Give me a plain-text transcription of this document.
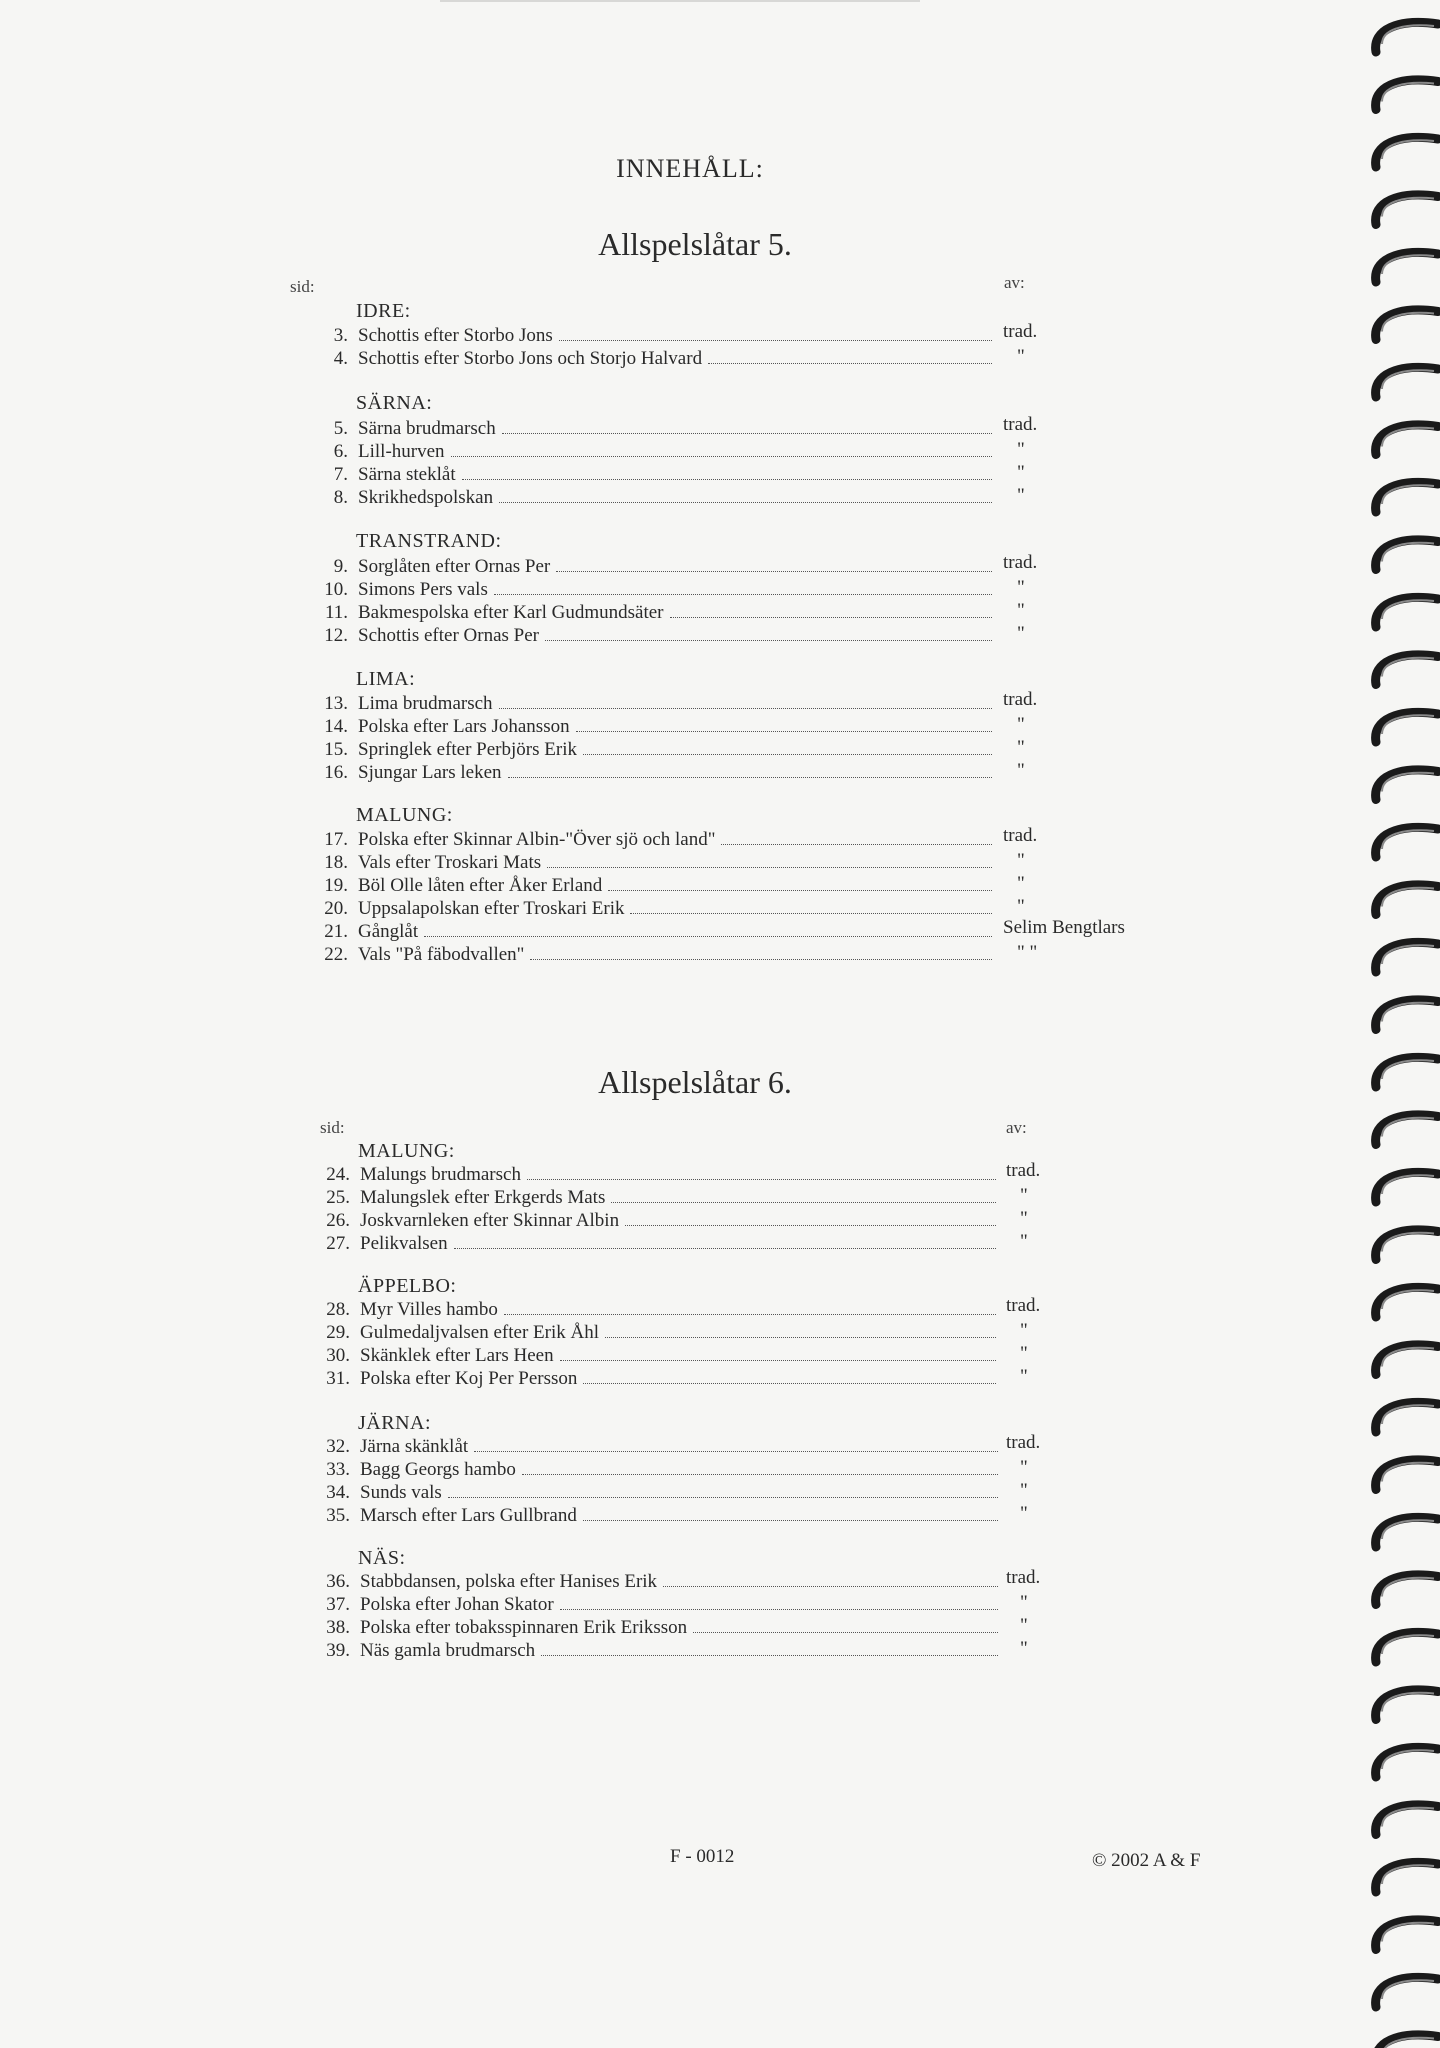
INNEHÅLL:
Allspelslåtar 5.
sid:	av:
IDRE:
3. Schottis efter Storbo Jons	trad.
4. Schottis efter Storbo Jons och Storjo Halvard	"
SÄRNA:
5. Särna brudmarsch	trad.
6. Lill-hurven	"
7. Särna steklåt	"
8. Skrikhedspolskan	"
TRANSTRAND:
9. Sorglåten efter Ornas Per	trad.
10. Simons Pers vals	"
11. Bakmespolska efter Karl Gudmundsäter	"
12. Schottis efter Ornas Per	"
LIMA:
13. Lima brudmarsch	trad.
14. Polska efter Lars Johansson	"
15. Springlek efter Perbjörs Erik	"
16. Sjungar Lars leken	"
MALUNG:
17. Polska efter Skinnar Albin-"Över sjö och land"	trad.
18. Vals efter Troskari Mats	"
19. Böl Olle låten efter Åker Erland	"
20. Uppsalapolskan efter Troskari Erik	"
21. Gånglåt	Selim Bengtlars
22. Vals "På fäbodvallen"	" "
Allspelslåtar 6.
sid:	av:
MALUNG:
24. Malungs brudmarsch	trad.
25. Malungslek efter Erkgerds Mats	"
26. Joskvarnleken efter Skinnar Albin	"
27. Pelikvalsen	"
ÄPPELBO:
28. Myr Villes hambo	trad.
29. Gulmedaljvalsen efter Erik Åhl	"
30. Skänklek efter Lars Heen	"
31. Polska efter Koj Per Persson	"
JÄRNA:
32. Järna skänklåt	trad.
33. Bagg Georgs hambo	"
34. Sunds vals	"
35. Marsch efter Lars Gullbrand	"
NÄS:
36. Stabbdansen, polska efter Hanises Erik	trad.
37. Polska efter Johan Skator	"
38. Polska efter tobaksspinnaren Erik Eriksson	"
39. Näs gamla brudmarsch	"
F - 0012	© 2002 A & F
